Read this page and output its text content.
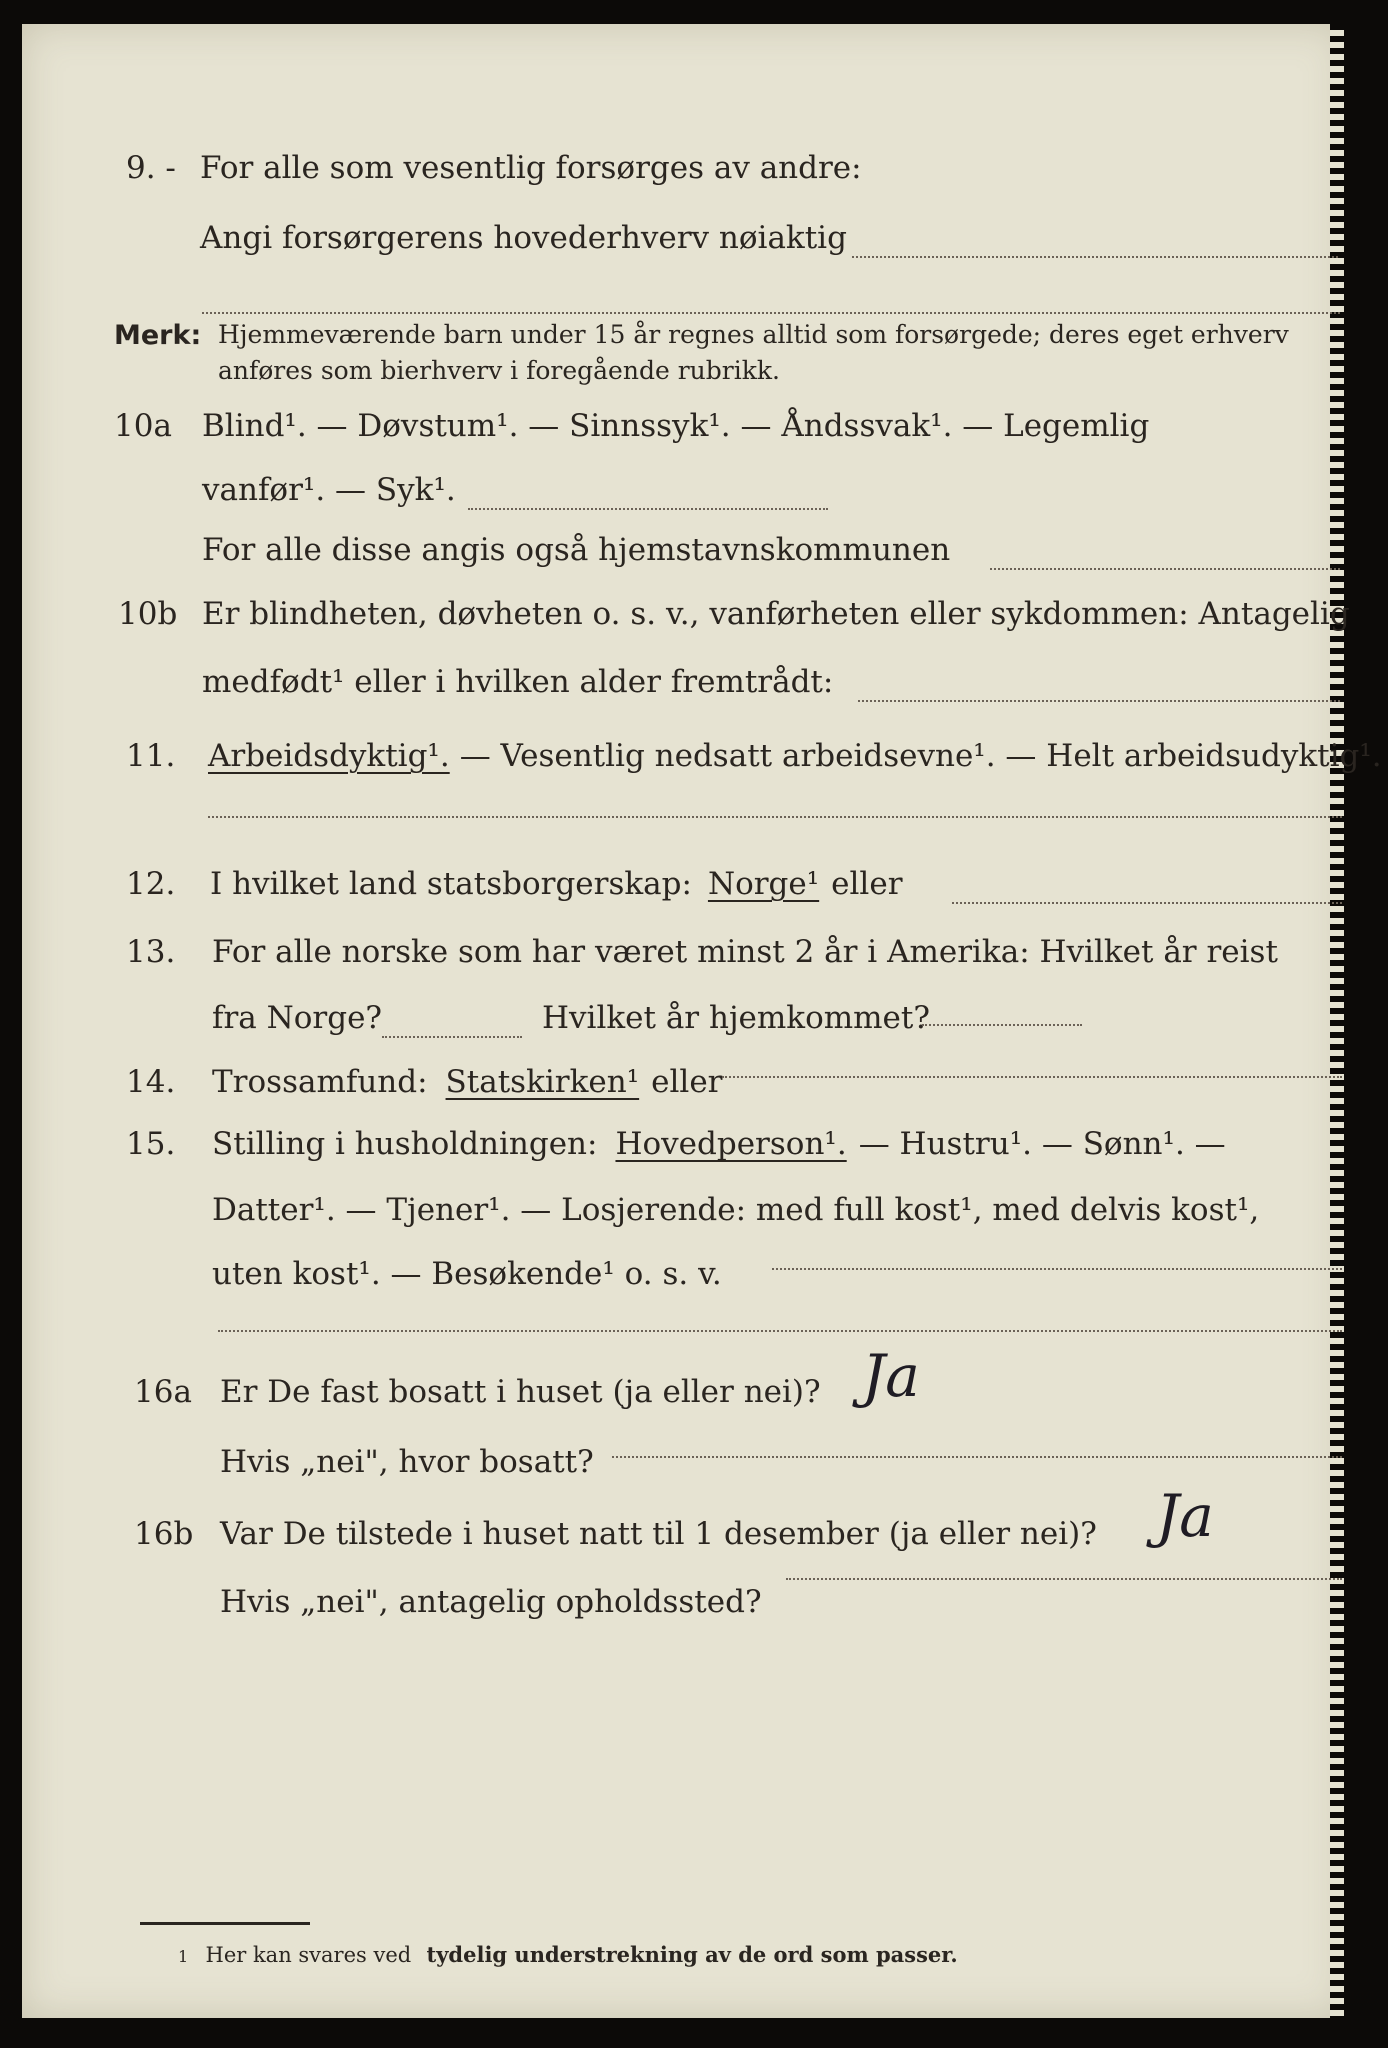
9. - For alle som vesentlig forsørges av andre:
Angi forsørgerens hovederhverv nøiaktig
Merk: Hjemmeværende barn under 15 år regnes alltid som forsørgede; deres eget erhverv
anføres som bierhverv i foregående rubrikk.
10a Blind¹. — Døvstum¹. — Sinnssyk¹. — Åndssvak¹. — Legemlig
vanfør¹. — Syk¹.
For alle disse angis også hjemstavnskommunen
10b Er blindheten, døvheten o. s. v., vanførheten eller sykdommen: Antagelig
medfødt¹ eller i hvilken alder fremtrådt:
11.	Arbeidsdyktig¹. — Vesentlig nedsatt arbeidsevne¹. — Helt arbeidsudyktig¹.
12.	I hvilket land statsborgerskap: Norge¹ eller
13.	For alle norske som har været minst 2 år i Amerika: Hvilket år reist
fra Norge?	Hvilket år hjemkommet?
14.	Trossamfund: Statskirken¹ eller
15.	Stilling i husholdningen: Hovedperson¹. — Hustru¹. — Sønn¹. —
Datter¹. — Tjener¹. — Losjerende: med full kost¹, med delvis kost¹,
uten kost¹. — Besøkende¹ o. s. v.
16a Er De fast bosatt i huset (ja eller nei)? Ja
Hvis „nei", hvor bosatt?
16b Var De tilstede i huset natt til 1 desember (ja eller nei)? Ja
Hvis „nei", antagelig opholdssted?
1 Her kan svares ved tydelig understrekning av de ord som passer.
